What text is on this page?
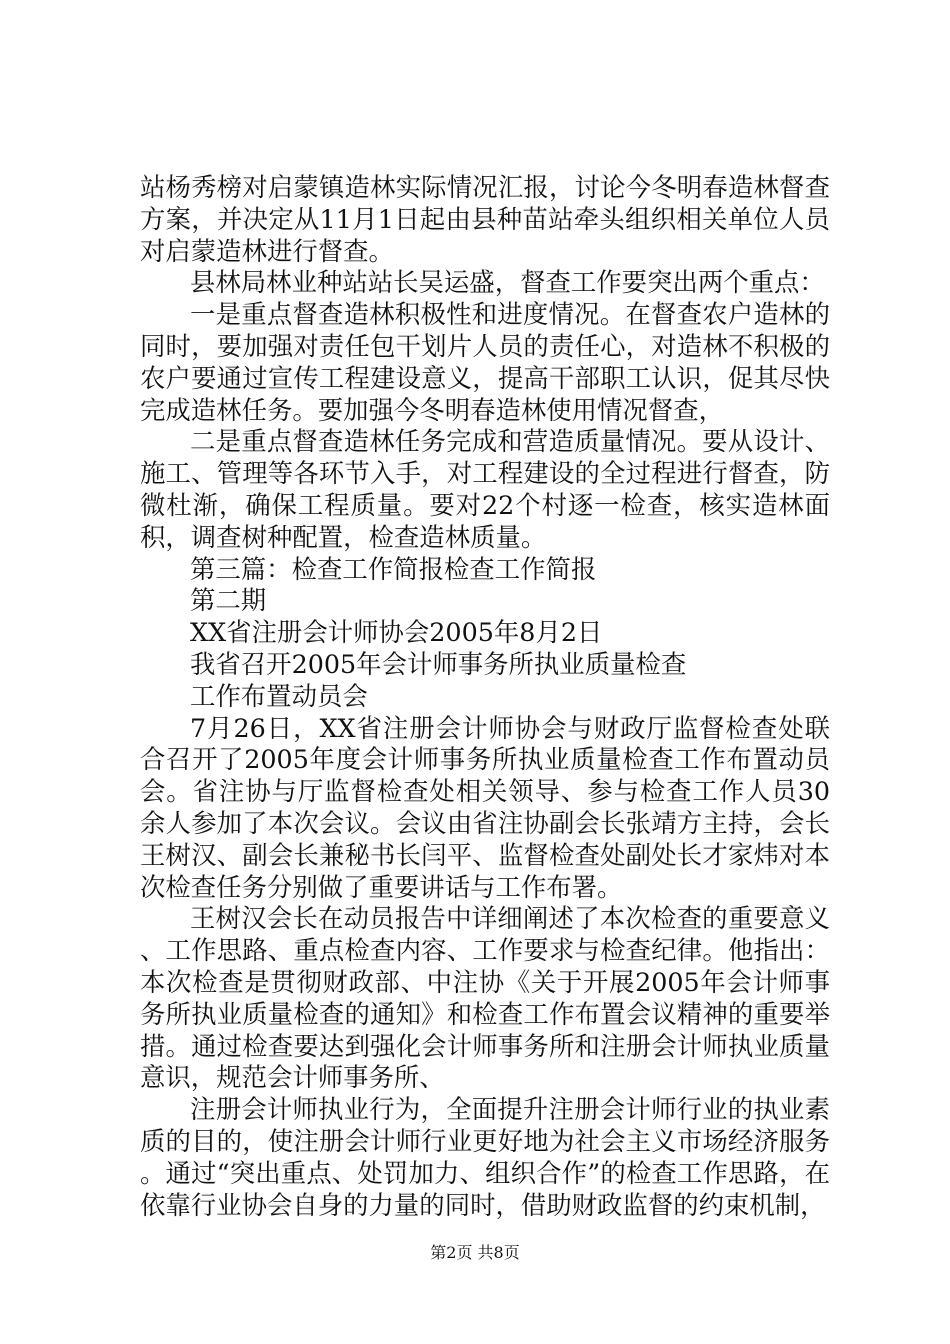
站杨秀榜对启蒙镇造林实际情况汇报，讨论今冬明春造林督查方案，并决定从11月1日起由县种苗站牵头组织相关单位人员对启蒙造林进行督查。

县林局林业种站站长吴运盛，督查工作要突出两个重点：

一是重点督查造林积极性和进度情况。在督查农户造林的同时，要加强对责任包干划片人员的责任心，对造林不积极的农户要通过宣传工程建设意义，提高干部职工认识，促其尽快完成造林任务。要加强今冬明春造林使用情况督查，

二是重点督查造林任务完成和营造质量情况。要从设计、施工、管理等各环节入手，对工程建设的全过程进行督查，防微杜渐，确保工程质量。要对22个村逐一检查，核实造林面积，调查树种配置，检查造林质量。

第三篇：检查工作简报检查工作简报

第二期

XX省注册会计师协会2005年8月2日

我省召开2005年会计师事务所执业质量检查

工作布置动员会

7月26日，XX省注册会计师协会与财政厅监督检查处联合召开了2005年度会计师事务所执业质量检查工作布置动员会。省注协与厅监督检查处相关领导、参与检查工作人员30余人参加了本次会议。会议由省注协副会长张靖方主持，会长王树汉、副会长兼秘书长闫平、监督检查处副处长才家炜对本次检查任务分别做了重要讲话与工作布署。

王树汉会长在动员报告中详细阐述了本次检查的重要意义、工作思路、重点检查内容、工作要求与检查纪律。他指出：本次检查是贯彻财政部、中注协《关于开展2005年会计师事务所执业质量检查的通知》和检查工作布置会议精神的重要举措。通过检查要达到强化会计师事务所和注册会计师执业质量意识，规范会计师事务所、

注册会计师执业行为，全面提升注册会计师行业的执业素质的目的，使注册会计师行业更好地为社会主义市场经济服务。通过“突出重点、处罚加力、组织合作”的检查工作思路，在依靠行业协会自身的力量的同时，借助财政监督的约束机制，

第2页 共8页
